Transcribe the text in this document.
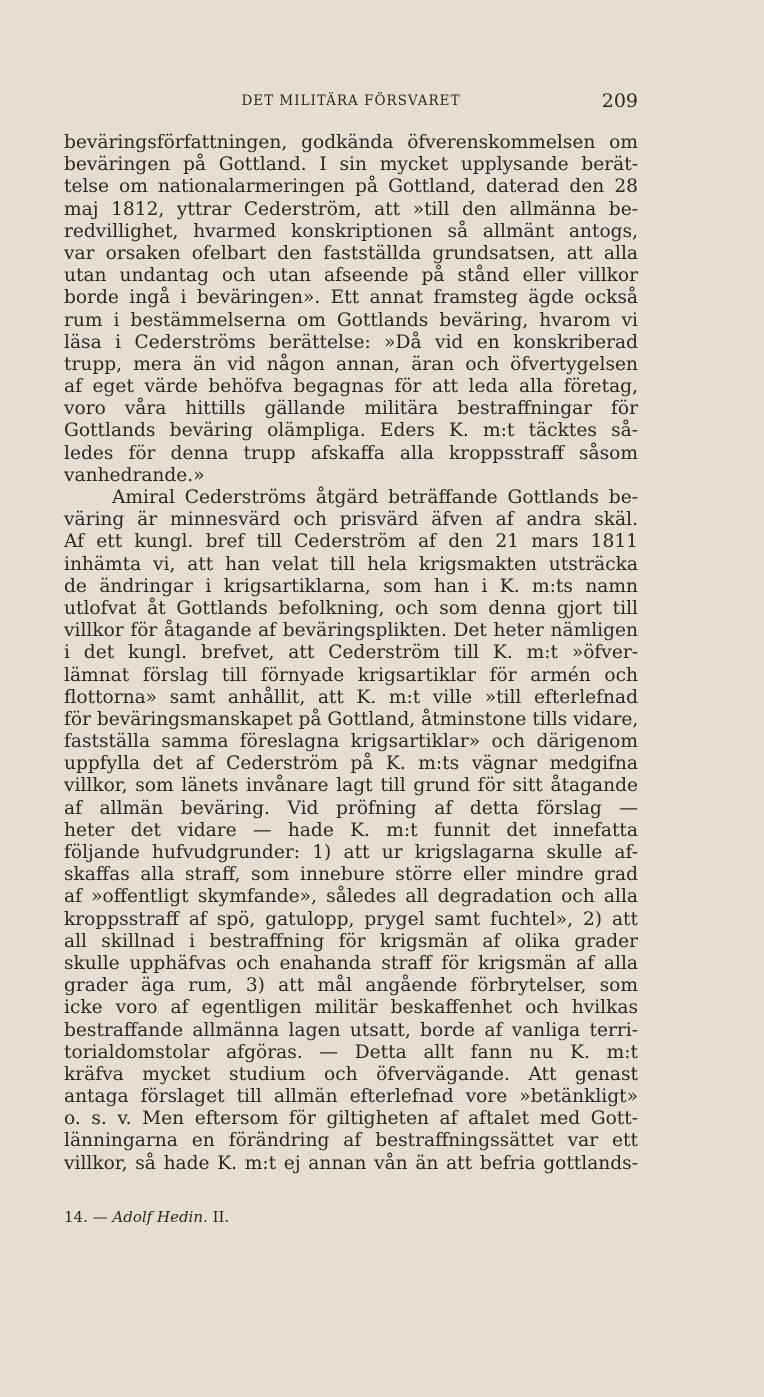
DET MILITÄRA FÖRSVARET	209
beväringsförfattningen, godkända öfverenskommelsen om
beväringen på Gottland. I sin mycket upplysande berät-
telse om nationalarmeringen på Gottland, daterad den 28
maj 1812, yttrar Cederström, att »till den allmänna be-
redvillighet, hvarmed konskriptionen så allmänt antogs,
var orsaken ofelbart den fastställda grundsatsen, att alla
utan undantag och utan afseende på stånd eller villkor
borde ingå i beväringen». Ett annat framsteg ägde också
rum i bestämmelserna om Gottlands beväring, hvarom vi
läsa i Cederströms berättelse: »Då vid en konskriberad
trupp, mera än vid någon annan, äran och öfvertygelsen
af eget värde behöfva begagnas för att leda alla företag,
voro våra hittills gällande militära bestraffningar för
Gottlands beväring olämpliga. Eders K. m:t täcktes så-
ledes för denna trupp afskaffa alla kroppsstraff såsom
vanhedrande.»
Amiral Cederströms åtgärd beträffande Gottlands be-
väring är minnesvärd och prisvärd äfven af andra skäl.
Af ett kungl. bref till Cederström af den 21 mars 1811
inhämta vi, att han velat till hela krigsmakten utsträcka
de ändringar i krigsartiklarna, som han i K. m:ts namn
utlofvat åt Gottlands befolkning, och som denna gjort till
villkor för åtagande af beväringsplikten. Det heter nämligen
i det kungl. brefvet, att Cederström till K. m:t »öfver-
lämnat förslag till förnyade krigsartiklar för armén och
flottorna» samt anhållit, att K. m:t ville »till efterlefnad
för beväringsmanskapet på Gottland, åtminstone tills vidare,
fastställa samma föreslagna krigsartiklar» och därigenom
uppfylla det af Cederström på K. m:ts vägnar medgifna
villkor, som länets invånare lagt till grund för sitt åtagande
af allmän beväring. Vid pröfning af detta förslag —
heter det vidare — hade K. m:t funnit det innefatta
följande hufvudgrunder: 1) att ur krigslagarna skulle af-
skaffas alla straff, som innebure större eller mindre grad
af »offentligt skymfande», således all degradation och alla
kroppsstraff af spö, gatulopp, prygel samt fuchtel», 2) att
all skillnad i bestraffning för krigsmän af olika grader
skulle upphäfvas och enahanda straff för krigsmän af alla
grader äga rum, 3) att mål angående förbrytelser, som
icke voro af egentligen militär beskaffenhet och hvilkas
bestraffande allmänna lagen utsatt, borde af vanliga terri-
torialdomstolar afgöras. — Detta allt fann nu K. m:t
kräfva mycket studium och öfvervägande. Att genast
antaga förslaget till allmän efterlefnad vore »betänkligt»
o. s. v. Men eftersom för giltigheten af aftalet med Gott-
länningarna en förändring af bestraffningssättet var ett
villkor, så hade K. m:t ej annan vån än att befria gottlands-
14. — Adolf Hedin. II.
